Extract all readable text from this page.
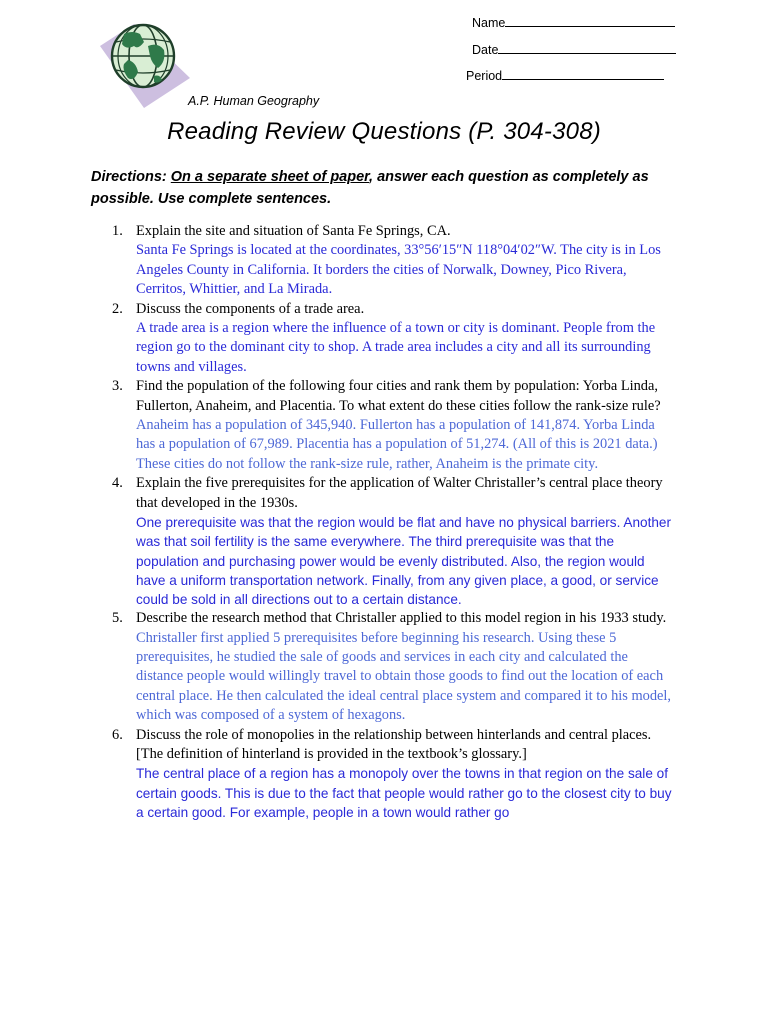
Name
Date
Period
A.P. Human Geography
Reading Review Questions (P. 304-308)
Directions: On a separate sheet of paper, answer each question as completely as possible. Use complete sentences.
1. Explain the site and situation of Santa Fe Springs, CA.
Santa Fe Springs is located at the coordinates, 33°56′15″N 118°04′02″W. The city is in Los Angeles County in California. It borders the cities of Norwalk, Downey, Pico Rivera, Cerritos, Whittier, and La Mirada.
2. Discuss the components of a trade area.
A trade area is a region where the influence of a town or city is dominant. People from the region go to the dominant city to shop. A trade area includes a city and all its surrounding towns and villages.
3. Find the population of the following four cities and rank them by population: Yorba Linda, Fullerton, Anaheim, and Placentia. To what extent do these cities follow the rank-size rule?
Anaheim has a population of 345,940. Fullerton has a population of 141,874. Yorba Linda has a population of 67,989. Placentia has a population of 51,274. (All of this is 2021 data.) These cities do not follow the rank-size rule, rather, Anaheim is the primate city.
4. Explain the five prerequisites for the application of Walter Christaller’s central place theory that developed in the 1930s.
One prerequisite was that the region would be flat and have no physical barriers. Another was that soil fertility is the same everywhere. The third prerequisite was that the population and purchasing power would be evenly distributed. Also, the region would have a uniform transportation network. Finally, from any given place, a good, or service could be sold in all directions out to a certain distance.
5. Describe the research method that Christaller applied to this model region in his 1933 study.
Christaller first applied 5 prerequisites before beginning his research. Using these 5 prerequisites, he studied the sale of goods and services in each city and calculated the distance people would willingly travel to obtain those goods to find out the location of each central place. He then calculated the ideal central place system and compared it to his model, which was composed of a system of hexagons.
6. Discuss the role of monopolies in the relationship between hinterlands and central places. [The definition of hinterland is provided in the textbook’s glossary.]
The central place of a region has a monopoly over the towns in that region on the sale of certain goods. This is due to the fact that people would rather go to the closest city to buy a certain good. For example, people in a town would rather go
